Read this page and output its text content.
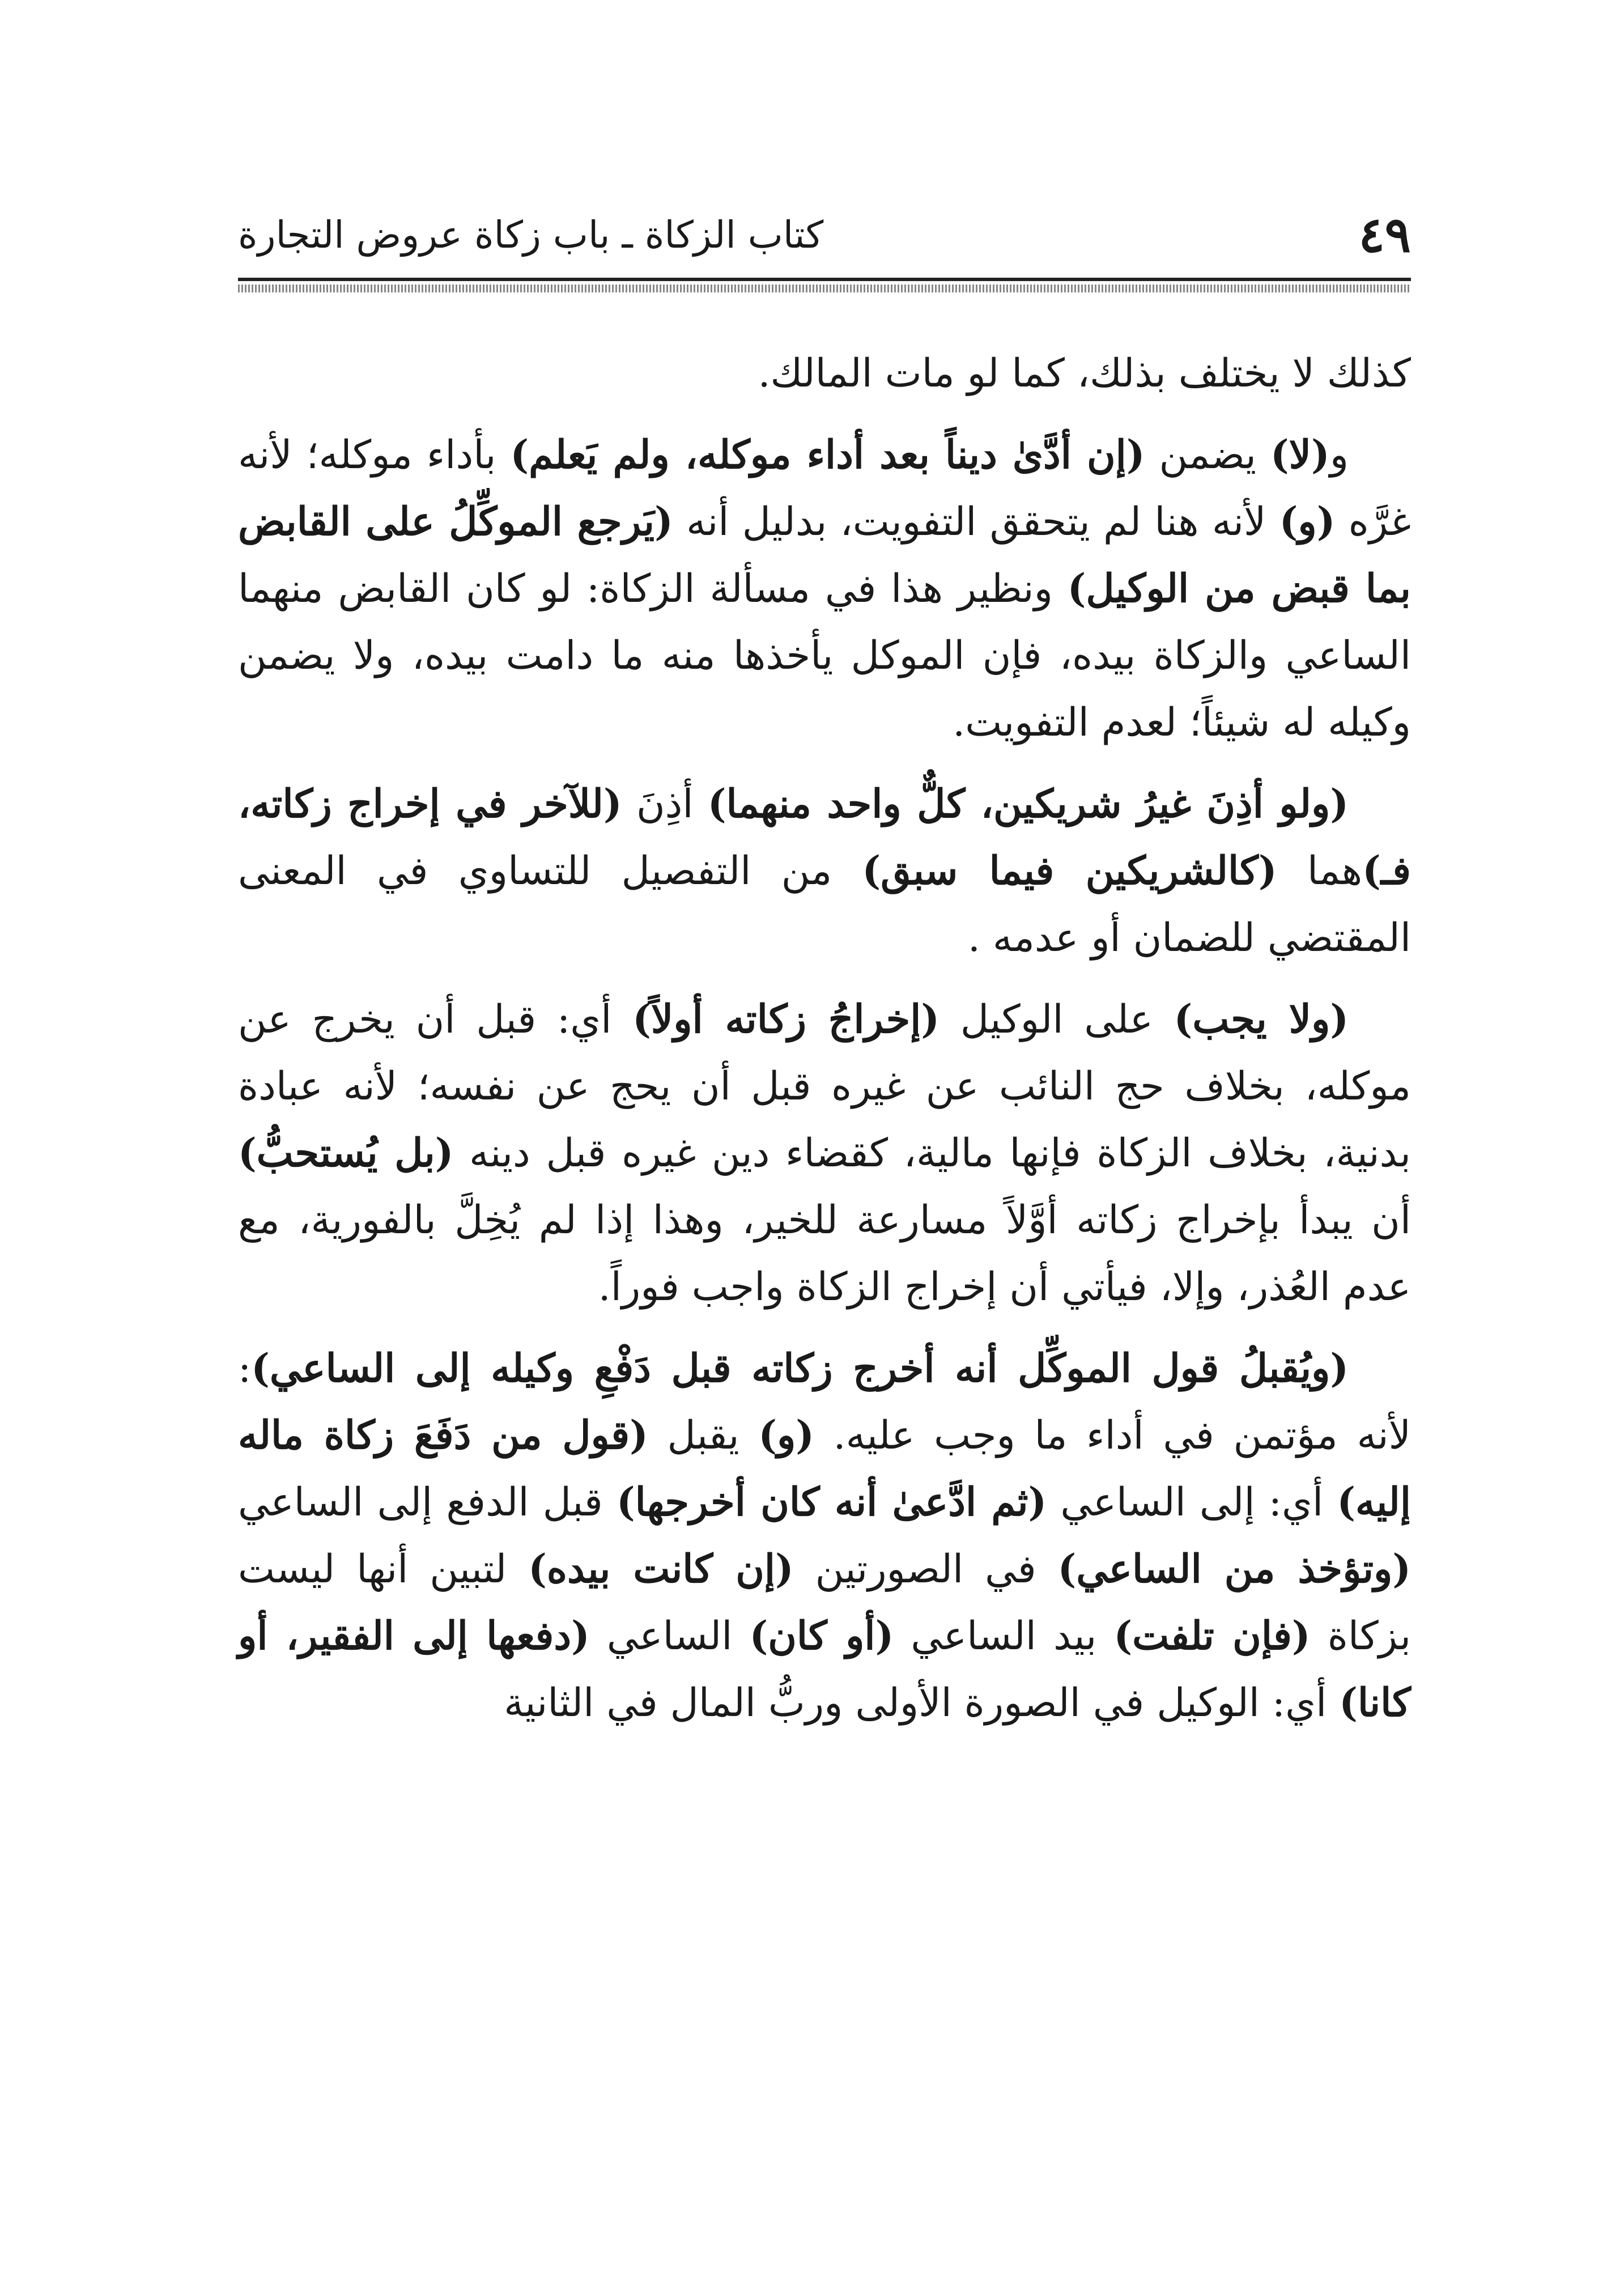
٤٩
كتاب الزكاة ـ باب زكاة عروض التجارة

كذلك لا يختلف بذلك، كما لو مات المالك.

و(لا) يضمن (إن أدَّىٰ ديناً بعد أداء موكله، ولم يَعلم) بأداء موكله؛ لأنه غرَّه (و) لأنه هنا لم يتحقق التفويت، بدليل أنه (يَرجع الموكِّلُ على القابض بما قبض من الوكيل) ونظير هذا في مسألة الزكاة: لو كان القابض منهما الساعي والزكاة بيده، فإن الموكل يأخذها منه ما دامت بيده، ولا يضمن وكيله له شيئاً؛ لعدم التفويت.

(ولو أذِنَ غيرُ شريكين، كلٌّ واحد منهما) أذِنَ (للآخر في إخراج زكاته، فـ)هما (كالشريكين فيما سبق) من التفصيل للتساوي في المعنى المقتضي للضمان أو عدمه .

(ولا يجب) على الوكيل (إخراجُ زكاته أولاً) أي: قبل أن يخرج عن موكله، بخلاف حج النائب عن غيره قبل أن يحج عن نفسه؛ لأنه عبادة بدنية، بخلاف الزكاة فإنها مالية، كقضاء دين غيره قبل دينه (بل يُستحبُّ) أن يبدأ بإخراج زكاته أوَّلاً مسارعة للخير، وهذا إذا لم يُخِلَّ بالفورية، مع عدم العُذر، وإلا، فيأتي أن إخراج الزكاة واجب فوراً.

(ويُقبلُ قول الموكِّل أنه أخرج زكاته قبل دَفْعِ وكيله إلى الساعي): لأنه مؤتمن في أداء ما وجب عليه. (و) يقبل (قول من دَفَعَ زكاة ماله إليه) أي: إلى الساعي (ثم ادَّعىٰ أنه كان أخرجها) قبل الدفع إلى الساعي (وتؤخذ من الساعي) في الصورتين (إن كانت بيده) لتبين أنها ليست بزكاة (فإن تلفت) بيد الساعي (أو كان) الساعي (دفعها إلى الفقير، أو كانا) أي: الوكيل في الصورة الأولى وربُّ المال في الثانية
